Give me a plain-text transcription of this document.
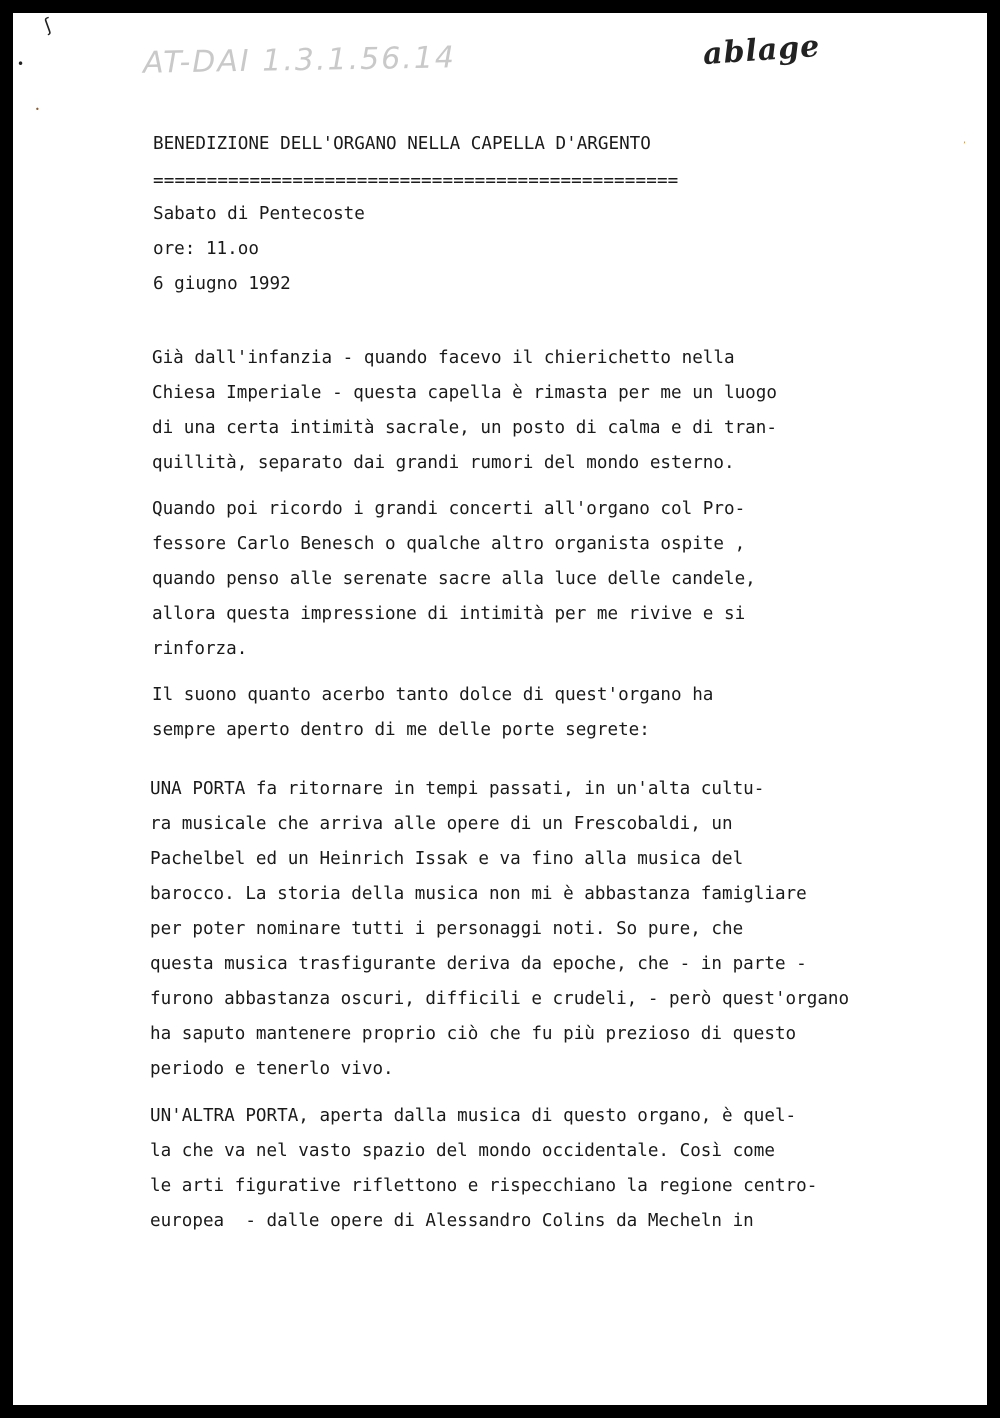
AT-DAI 1.3.1.56.14	ablage
ʃ
•
•
’
BENEDIZIONE DELL'ORGANO NELLA CAPELLA D'ARGENTO
=================================================
Sabato di Pentecoste
ore: 11.oo
6 giugno 1992
Già dall'infanzia - quando facevo il chierichetto nella
Chiesa Imperiale - questa capella è rimasta per me un luogo
di una certa intimità sacrale, un posto di calma e di tran-
quillità, separato dai grandi rumori del mondo esterno.
Quando poi ricordo i grandi concerti all'organo col Pro-
fessore Carlo Benesch o qualche altro organista ospite ,
quando penso alle serenate sacre alla luce delle candele,
allora questa impressione di intimità per me rivive e si
rinforza.
Il suono quanto acerbo tanto dolce di quest'organo ha
sempre aperto dentro di me delle porte segrete:
UNA PORTA fa ritornare in tempi passati, in un'alta cultu-
ra musicale che arriva alle opere di un Frescobaldi, un
Pachelbel ed un Heinrich Issak e va fino alla musica del
barocco. La storia della musica non mi è abbastanza famigliare
per poter nominare tutti i personaggi noti. So pure, che
questa musica trasfigurante deriva da epoche, che - in parte -
furono abbastanza oscuri, difficili e crudeli, - però quest'organo
ha saputo mantenere proprio ciò che fu più prezioso di questo
periodo e tenerlo vivo.
UN'ALTRA PORTA, aperta dalla musica di questo organo, è quel-
la che va nel vasto spazio del mondo occidentale. Così come
le arti figurative riflettono e rispecchiano la regione centro-
europea  - dalle opere di Alessandro Colins da Mecheln in
